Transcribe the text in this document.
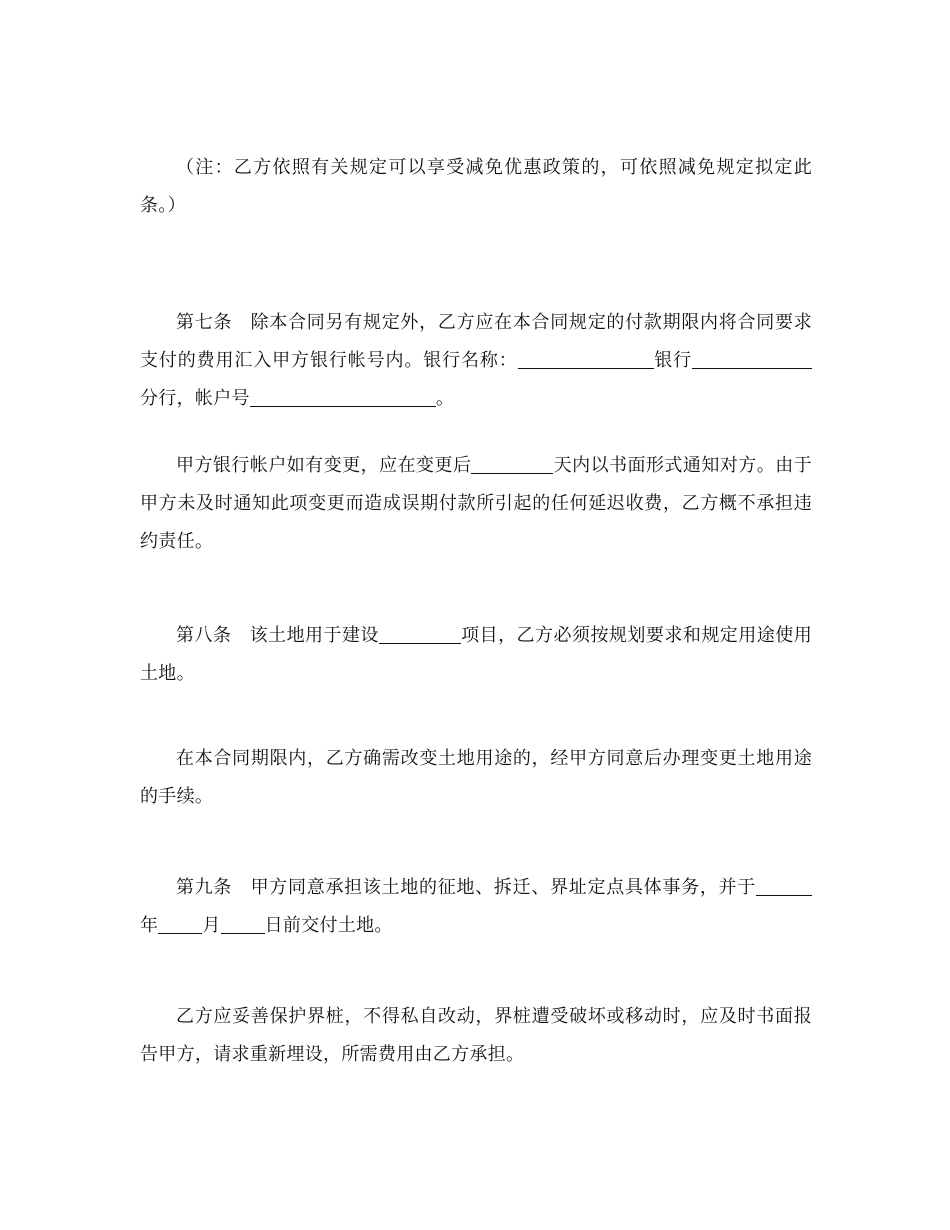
（注：乙方依照有关规定可以享受减免优惠政策的，可依照减免规定拟定此条。）

第七条 除本合同另有规定外，乙方应在本合同规定的付款期限内将合同要求支付的费用汇入甲方银行帐号内。银行名称：	银行分行，帐户号	。

甲方银行帐户如有变更，应在变更后	天内以书面形式通知对方。由于甲方未及时通知此项变更而造成误期付款所引起的任何延迟收费，乙方概不承担违约责任。

第八条 该土地用于建设	项目，乙方必须按规划要求和规定用途使用土地。

在本合同期限内，乙方确需改变土地用途的，经甲方同意后办理变更土地用途的手续。

第九条 甲方同意承担该土地的征地、拆迁、界址定点具体事务，并于年 月 日前交付土地。

乙方应妥善保护界桩，不得私自改动，界桩遭受破坏或移动时，应及时书面报告甲方，请求重新埋设，所需费用由乙方承担。
